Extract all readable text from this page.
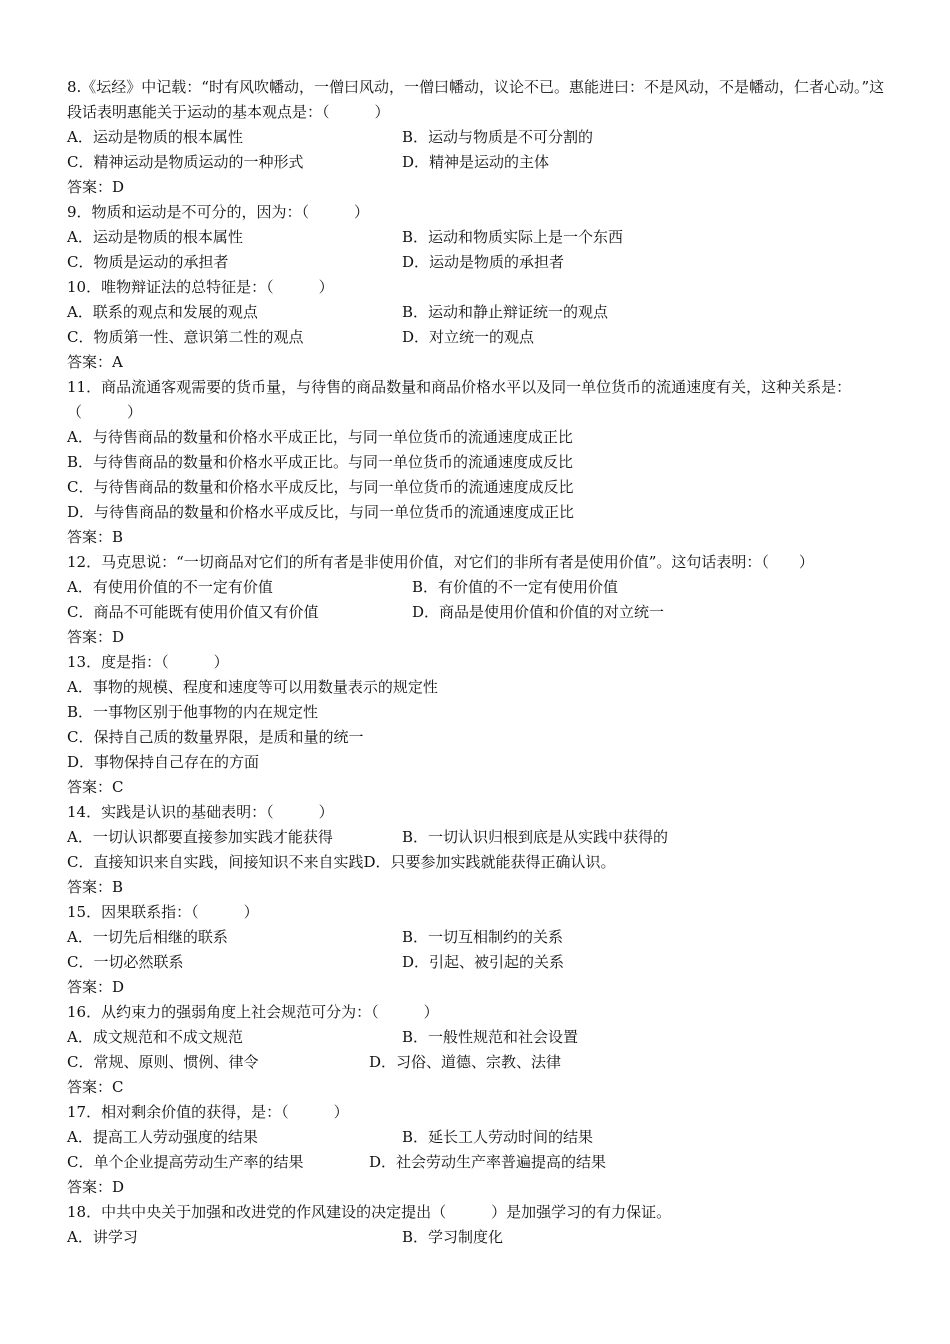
8.《坛经》中记载：“时有风吹幡动，一僧曰风动，一僧曰幡动，议论不已。惠能进曰：不是风动，不是幡动，仁者心动。”这段话表明惠能关于运动的基本观点是：（　　　）
A．运动是物质的根本属性	B．运动与物质是不可分割的
C．精神运动是物质运动的一种形式	D．精神是运动的主体
答案：D
9．物质和运动是不可分的，因为：（　　　）
A．运动是物质的根本属性	B．运动和物质实际上是一个东西
C．物质是运动的承担者	D．运动是物质的承担者
10．唯物辩证法的总特征是：（　　　）
A．联系的观点和发展的观点	B．运动和静止辩证统一的观点
C．物质第一性、意识第二性的观点	D．对立统一的观点
答案：A
11．商品流通客观需要的货币量，与待售的商品数量和商品价格水平以及同一单位货币的流通速度有关，这种关系是：（　　　）
A．与待售商品的数量和价格水平成正比，与同一单位货币的流通速度成正比
B．与待售商品的数量和价格水平成正比。与同一单位货币的流通速度成反比
C．与待售商品的数量和价格水平成反比，与同一单位货币的流通速度成反比
D．与待售商品的数量和价格水平成反比，与同一单位货币的流通速度成正比
答案：B
12．马克思说：“一切商品对它们的所有者是非使用价值，对它们的非所有者是使用价值”。这句话表明：（　　）
A．有使用价值的不一定有价值	B．有价值的不一定有使用价值
C．商品不可能既有使用价值又有价值	D．商品是使用价值和价值的对立统一
答案：D
13．度是指：（　　　）
A．事物的规模、程度和速度等可以用数量表示的规定性
B．一事物区别于他事物的内在规定性
C．保持自己质的数量界限，是质和量的统一
D．事物保持自己存在的方面
答案：C
14．实践是认识的基础表明：（　　　）
A．一切认识都要直接参加实践才能获得	B．一切认识归根到底是从实践中获得的
C．直接知识来自实践，间接知识不来自实践 D．只要参加实践就能获得正确认识。
答案：B
15．因果联系指：（　　　）
A．一切先后相继的联系	B．一切互相制约的关系
C．一切必然联系	D．引起、被引起的关系
答案：D
16．从约束力的强弱角度上社会规范可分为：（　　　）
A．成文规范和不成文规范	B．一般性规范和社会设置
C．常规、原则、惯例、律令	D．习俗、道德、宗教、法律
答案：C
17．相对剩余价值的获得，是：（　　　）
A．提高工人劳动强度的结果	B．延长工人劳动时间的结果
C．单个企业提高劳动生产率的结果	D．社会劳动生产率普遍提高的结果
答案：D
18．中共中央关于加强和改进党的作风建设的决定提出（　　　）是加强学习的有力保证。
A．讲学习	B．学习制度化
